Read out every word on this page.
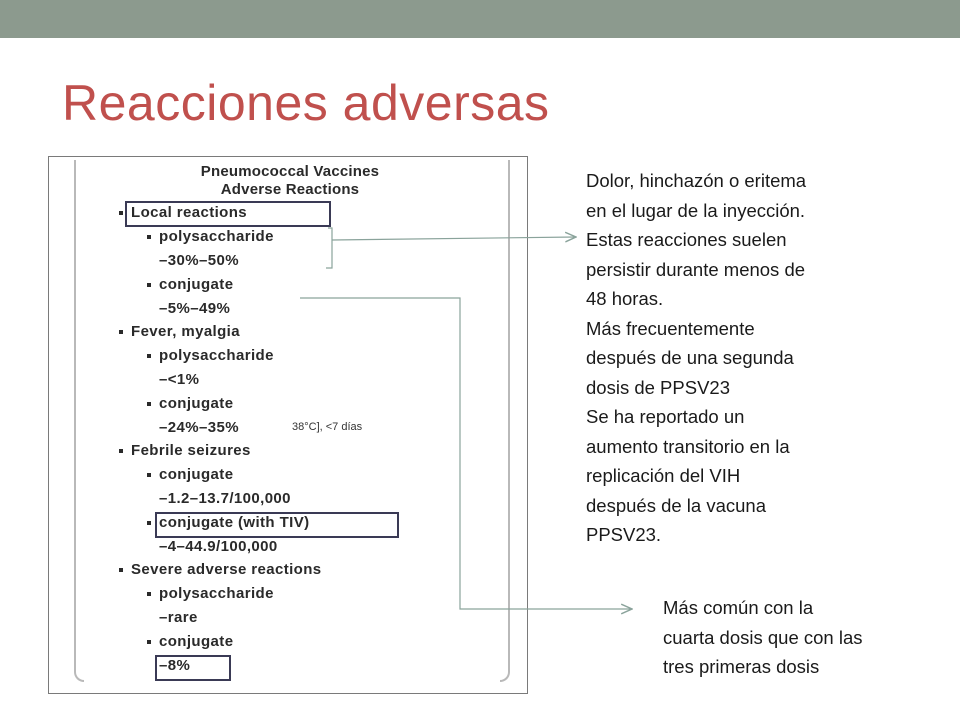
Reacciones adversas
Pneumococcal Vaccines
Adverse Reactions
Local reactions
polysaccharide
–30%–50%
conjugate
–5%–49%
Fever, myalgia
polysaccharide
–<1%
conjugate
–24%–35%	38°C], <7 días
Febrile seizures
conjugate
–1.2–13.7/100,000
conjugate (with TIV)
–4–44.9/100,000
Severe adverse reactions
polysaccharide
–rare
conjugate
–8%
Dolor, hinchazón o eritema
en el lugar de la inyección.
Estas reacciones suelen
persistir durante menos de
48 horas.
Más frecuentemente
después de una segunda
dosis de PPSV23
Se ha reportado un
aumento transitorio en la
replicación del VIH
después de la vacuna
PPSV23.
Más común con la
cuarta dosis que con las
tres primeras dosis
